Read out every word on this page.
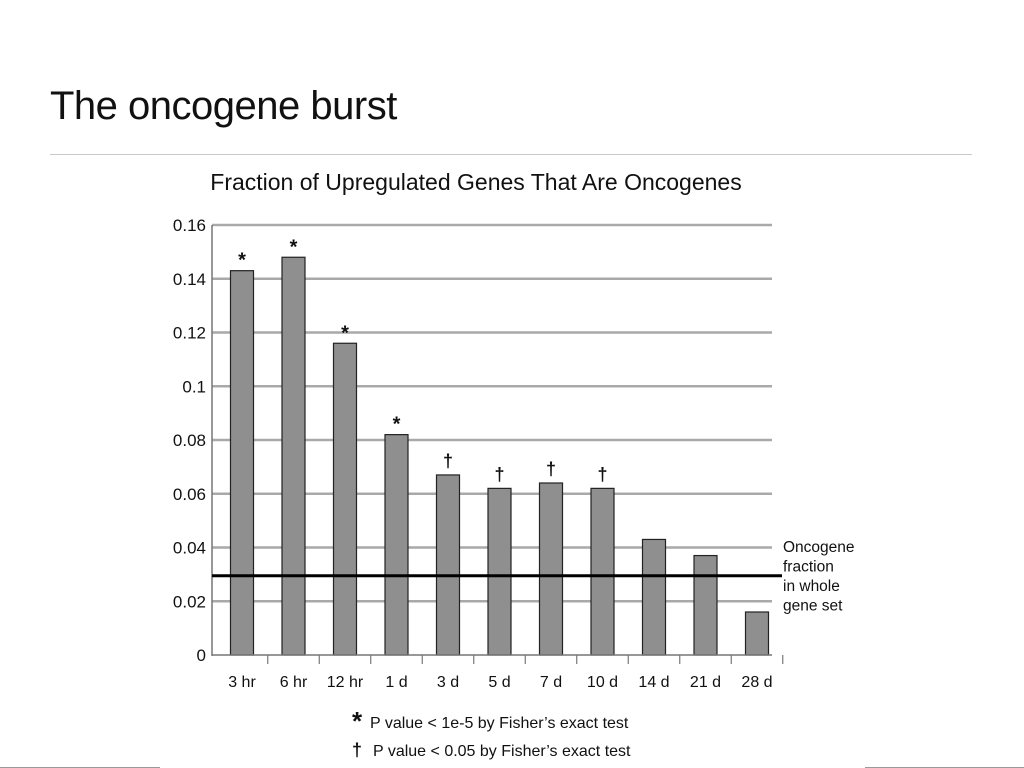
The oncogene burst
Fraction of Upregulated Genes That Are Oncogenes
*
*
*
*
†
† † †
0
0.02
0.04
0.06
0.08
0.1
0.12
0.14
0.16
3 hr 6 hr 12 hr 1 d 3 d 5 d 7 d 10 d 14 d 21 d 28 d
Oncogene
fraction
in whole
gene set
* P value < 1e-5 by Fisher’s exact test
† P value < 0.05 by Fisher’s exact test
